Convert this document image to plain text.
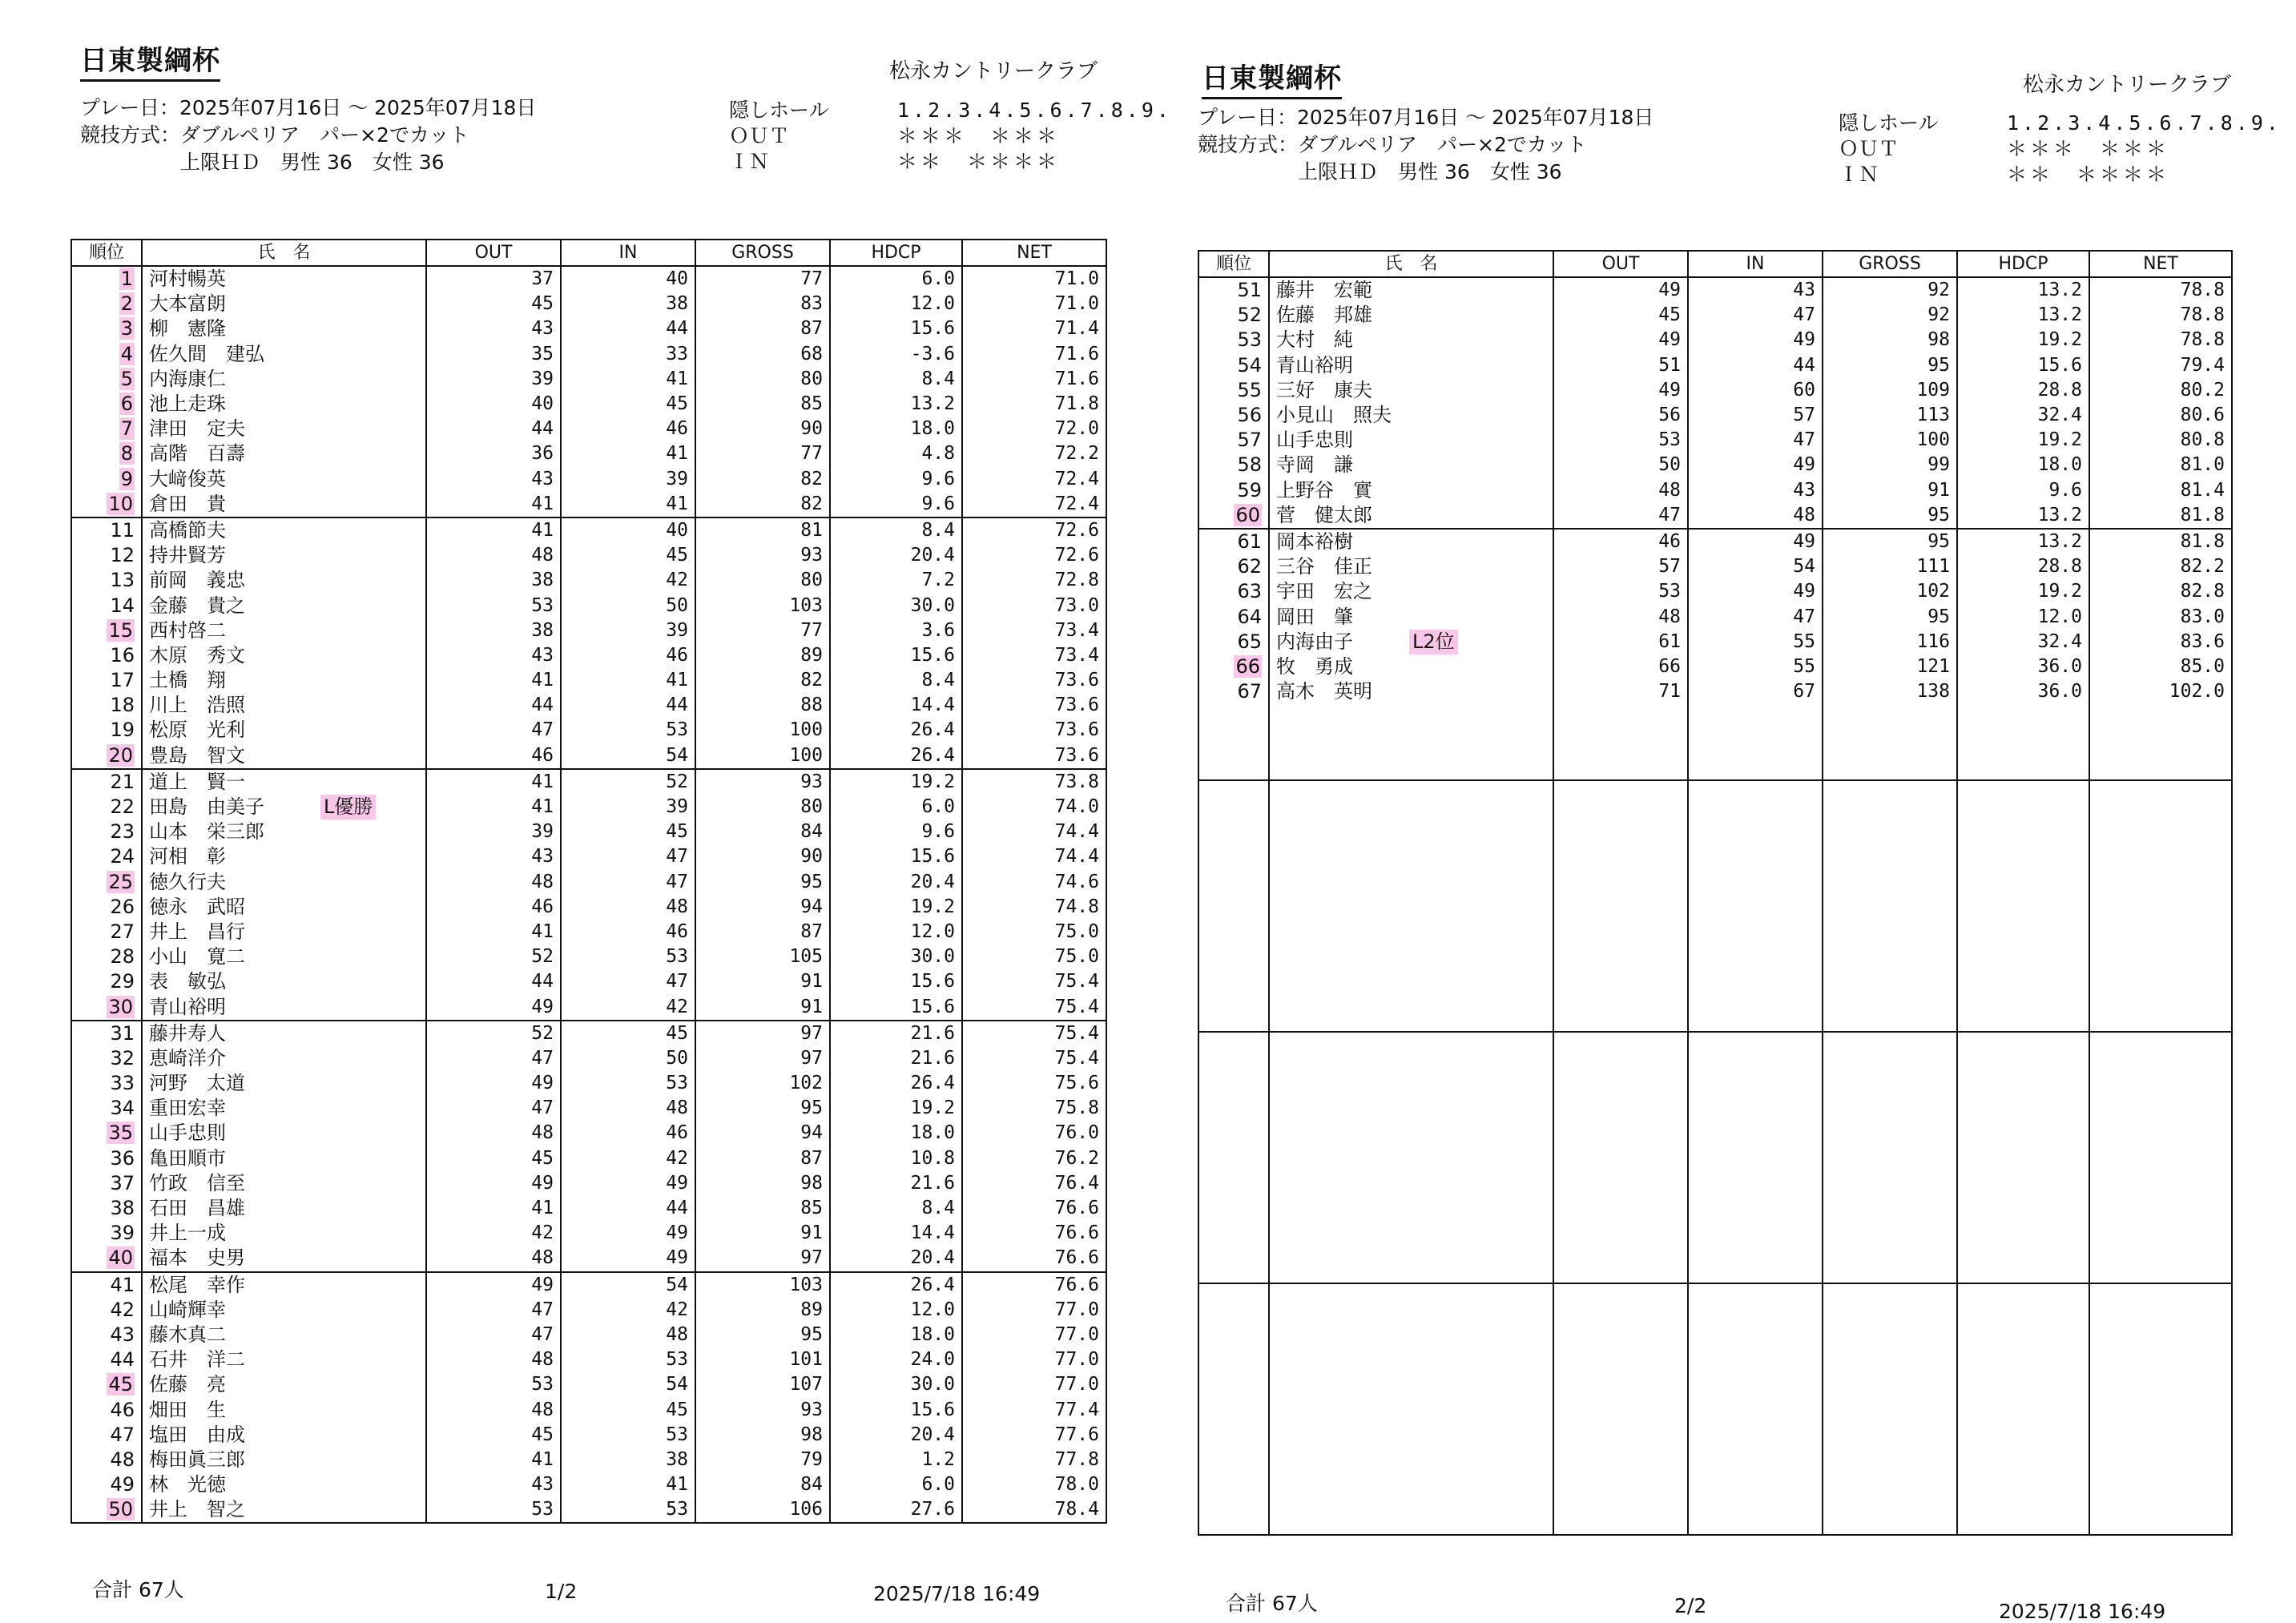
日東製綱杯	松永カントリークラブ
プレー日：2025年07月16日 ～ 2025年07月18日
競技方式：ダブルペリア　パー×2でカット
　　　　　上限ＨＤ　男性 36　女性 36
隠しホール	1.2.3.4.5.6.7.8.9.
ＯＵＴ	＊＊＊　＊＊＊
ＩＮ	＊＊　＊＊＊＊
順位	氏　名	OUT	IN	GROSS	HDCP	NET
1	河村暢英	37	40	77	6.0	71.0
2	大本富朗	45	38	83	12.0	71.0
3	柳　憲隆	43	44	87	15.6	71.4
4	佐久間　建弘	35	33	68	-3.6	71.6
5	内海康仁	39	41	80	8.4	71.6
6	池上走珠	40	45	85	13.2	71.8
7	津田　定夫	44	46	90	18.0	72.0
8	高階　百壽	36	41	77	4.8	72.2
9	大﨑俊英	43	39	82	9.6	72.4
10	倉田　貴	41	41	82	9.6	72.4
11	高橋節夫	41	40	81	8.4	72.6
12	持井賢芳	48	45	93	20.4	72.6
13	前岡　義忠	38	42	80	7.2	72.8
14	金藤　貴之	53	50	103	30.0	73.0
15	西村啓二	38	39	77	3.6	73.4
16	木原　秀文	43	46	89	15.6	73.4
17	土橋　翔	41	41	82	8.4	73.6
18	川上　浩照	44	44	88	14.4	73.6
19	松原　光利	47	53	100	26.4	73.6
20	豊島　智文	46	54	100	26.4	73.6
21	道上　賢一	41	52	93	19.2	73.8
22	田島　由美子 L優勝	41	39	80	6.0	74.0
23	山本　栄三郎	39	45	84	9.6	74.4
24	河相　彰	43	47	90	15.6	74.4
25	徳久行夫	48	47	95	20.4	74.6
26	徳永　武昭	46	48	94	19.2	74.8
27	井上　昌行	41	46	87	12.0	75.0
28	小山　寛二	52	53	105	30.0	75.0
29	表　敏弘	44	47	91	15.6	75.4
30	青山裕明	49	42	91	15.6	75.4
31	藤井寿人	52	45	97	21.6	75.4
32	恵崎洋介	47	50	97	21.6	75.4
33	河野　太道	49	53	102	26.4	75.6
34	重田宏幸	47	48	95	19.2	75.8
35	山手忠則	48	46	94	18.0	76.0
36	亀田順市	45	42	87	10.8	76.2
37	竹政　信至	49	49	98	21.6	76.4
38	石田　昌雄	41	44	85	8.4	76.6
39	井上一成	42	49	91	14.4	76.6
40	福本　史男	48	49	97	20.4	76.6
41	松尾　幸作	49	54	103	26.4	76.6
42	山崎輝幸	47	42	89	12.0	77.0
43	藤木真二	47	48	95	18.0	77.0
44	石井　洋二	48	53	101	24.0	77.0
45	佐藤　亮	53	54	107	30.0	77.0
46	畑田　生	48	45	93	15.6	77.4
47	塩田　由成	45	53	98	20.4	77.6
48	梅田眞三郎	41	38	79	1.2	77.8
49	林　光徳	43	41	84	6.0	78.0
50	井上　智之	53	53	106	27.6	78.4
合計 67人	1/2	2025/7/18 16:49
日東製綱杯	松永カントリークラブ
プレー日：2025年07月16日 ～ 2025年07月18日
競技方式：ダブルペリア　パー×2でカット
　　　　　上限ＨＤ　男性 36　女性 36
隠しホール	1.2.3.4.5.6.7.8.9.
ＯＵＴ	＊＊＊　＊＊＊
ＩＮ	＊＊　＊＊＊＊
順位	氏　名	OUT	IN	GROSS	HDCP	NET
51	藤井　宏範	49	43	92	13.2	78.8
52	佐藤　邦雄	45	47	92	13.2	78.8
53	大村　純	49	49	98	19.2	78.8
54	青山裕明	51	44	95	15.6	79.4
55	三好　康夫	49	60	109	28.8	80.2
56	小見山　照夫	56	57	113	32.4	80.6
57	山手忠則	53	47	100	19.2	80.8
58	寺岡　謙	50	49	99	18.0	81.0
59	上野谷　實	48	43	91	9.6	81.4
60	菅　健太郎	47	48	95	13.2	81.8
61	岡本裕樹	46	49	95	13.2	81.8
62	三谷　佳正	57	54	111	28.8	82.2
63	宇田　宏之	53	49	102	19.2	82.8
64	岡田　肇	48	47	95	12.0	83.0
65	内海由子 L2位	61	55	116	32.4	83.6
66	牧　勇成	66	55	121	36.0	85.0
67	高木　英明	71	67	138	36.0	102.0

合計 67人	2/2	2025/7/18 16:49
